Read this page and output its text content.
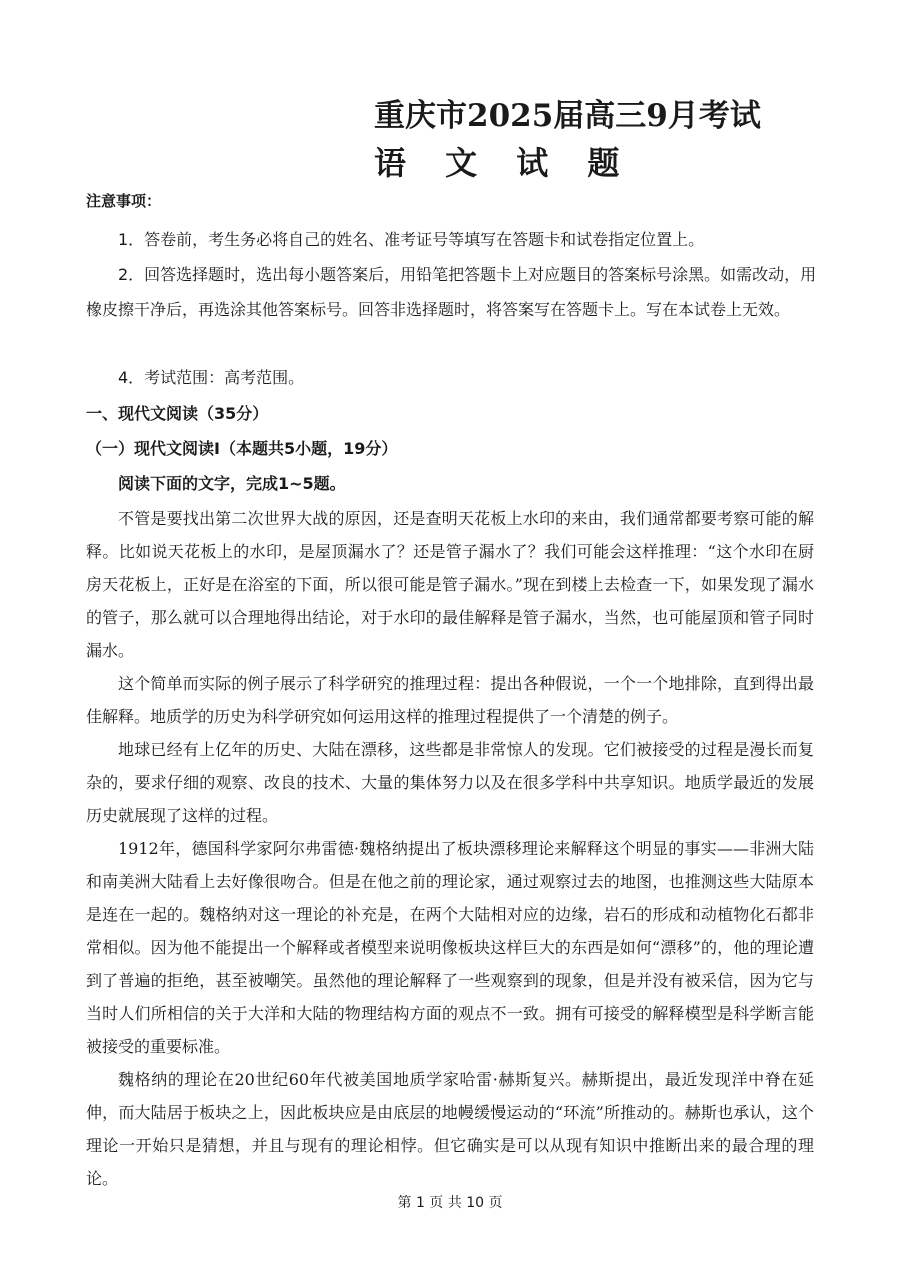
重庆市2025届高三9月考试
语 文 试 题
注意事项：
1．答卷前，考生务必将自己的姓名、准考证号等填写在答题卡和试卷指定位置上。
2．回答选择题时，选出每小题答案后，用铅笔把答题卡上对应题目的答案标号涂黑。如需改动，用
橡皮擦干净后，再选涂其他答案标号。回答非选择题时，将答案写在答题卡上。写在本试卷上无效。
4．考试范围：高考范围。
一、现代文阅读（35分）
（一）现代文阅读Ⅰ（本题共5小题，19分）
阅读下面的文字，完成1~5题。

不管是要找出第二次世界大战的原因，还是查明天花板上水印的来由，我们通常都要考察可能的解释。比如说天花板上的水印，是屋顶漏水了？还是管子漏水了？我们可能会这样推理：“这个水印在厨房天花板上，正好是在浴室的下面，所以很可能是管子漏水。”现在到楼上去检查一下，如果发现了漏水的管子，那么就可以合理地得出结论，对于水印的最佳解释是管子漏水，当然，也可能屋顶和管子同时漏水。

这个简单而实际的例子展示了科学研究的推理过程：提出各种假说，一个一个地排除，直到得出最佳解释。地质学的历史为科学研究如何运用这样的推理过程提供了一个清楚的例子。

地球已经有上亿年的历史、大陆在漂移，这些都是非常惊人的发现。它们被接受的过程是漫长而复杂的，要求仔细的观察、改良的技术、大量的集体努力以及在很多学科中共享知识。地质学最近的发展历史就展现了这样的过程。

1912年，德国科学家阿尔弗雷德·魏格纳提出了板块漂移理论来解释这个明显的事实——非洲大陆和南美洲大陆看上去好像很吻合。但是在他之前的理论家，通过观察过去的地图，也推测这些大陆原本是连在一起的。魏格纳对这一理论的补充是，在两个大陆相对应的边缘，岩石的形成和动植物化石都非常相似。因为他不能提出一个解释或者模型来说明像板块这样巨大的东西是如何“漂移”的，他的理论遭到了普遍的拒绝，甚至被嘲笑。虽然他的理论解释了一些观察到的现象，但是并没有被采信，因为它与当时人们所相信的关于大洋和大陆的物理结构方面的观点不一致。拥有可接受的解释模型是科学断言能被接受的重要标准。

魏格纳的理论在20世纪60年代被美国地质学家哈雷·赫斯复兴。赫斯提出，最近发现洋中脊在延伸，而大陆居于板块之上，因此板块应是由底层的地幔缓慢运动的“环流”所推动的。赫斯也承认，这个理论一开始只是猜想，并且与现有的理论相悖。但它确实是可以从现有知识中推断出来的最合理的理论。

第 1 页 共 10 页
